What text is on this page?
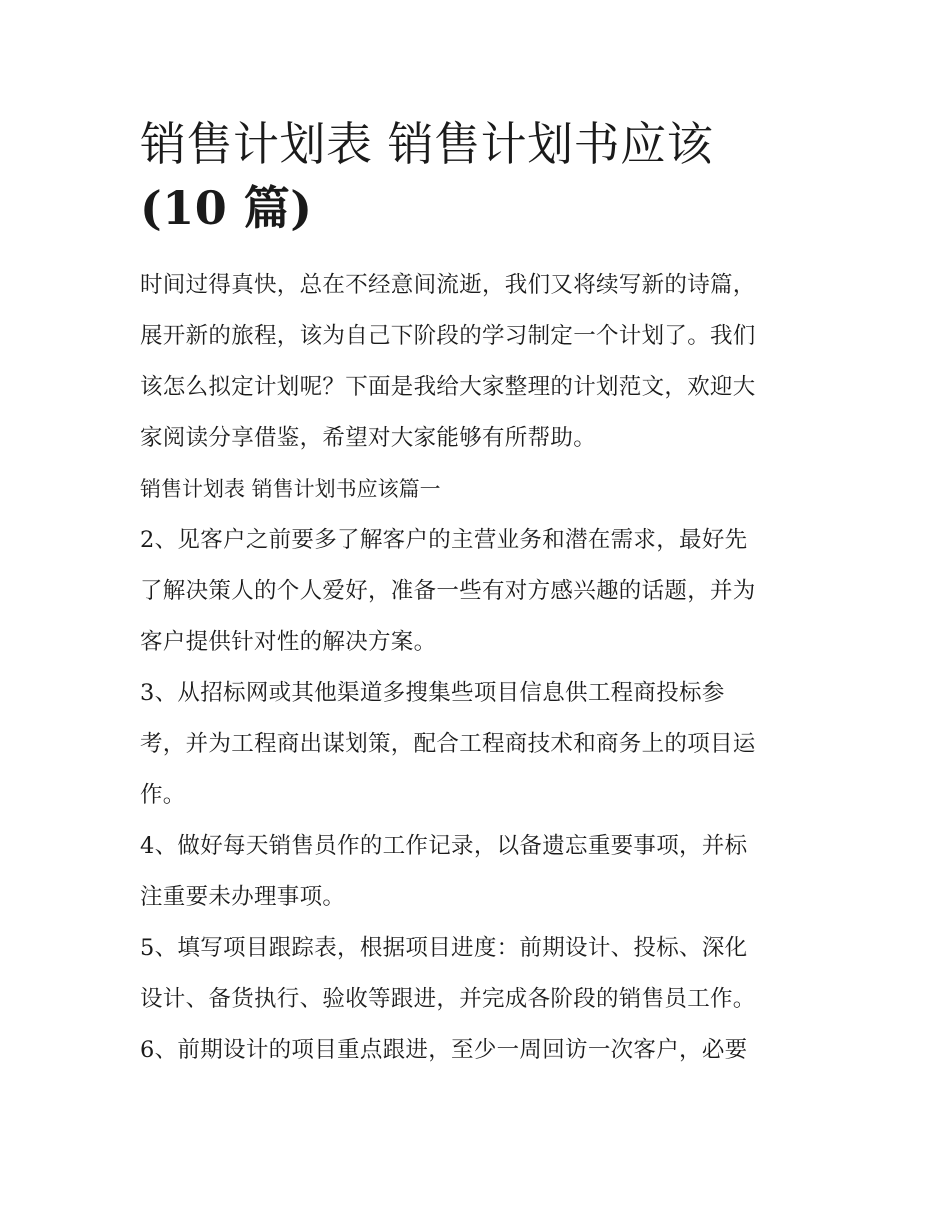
销售计划表 销售计划书应该
(10 篇)
时间过得真快，总在不经意间流逝，我们又将续写新的诗篇，
展开新的旅程，该为自己下阶段的学习制定一个计划了。我们
该怎么拟定计划呢？下面是我给大家整理的计划范文，欢迎大
家阅读分享借鉴，希望对大家能够有所帮助。
销售计划表 销售计划书应该篇一
2、见客户之前要多了解客户的主营业务和潜在需求，最好先
了解决策人的个人爱好，准备一些有对方感兴趣的话题，并为
客户提供针对性的解决方案。
3、从招标网或其他渠道多搜集些项目信息供工程商投标参
考，并为工程商出谋划策，配合工程商技术和商务上的项目运
作。
4、做好每天销售员作的工作记录，以备遗忘重要事项，并标
注重要未办理事项。
5、填写项目跟踪表，根据项目进度：前期设计、投标、深化
设计、备货执行、验收等跟进，并完成各阶段的销售员工作。
6、前期设计的项目重点跟进，至少一周回访一次客户，必要
